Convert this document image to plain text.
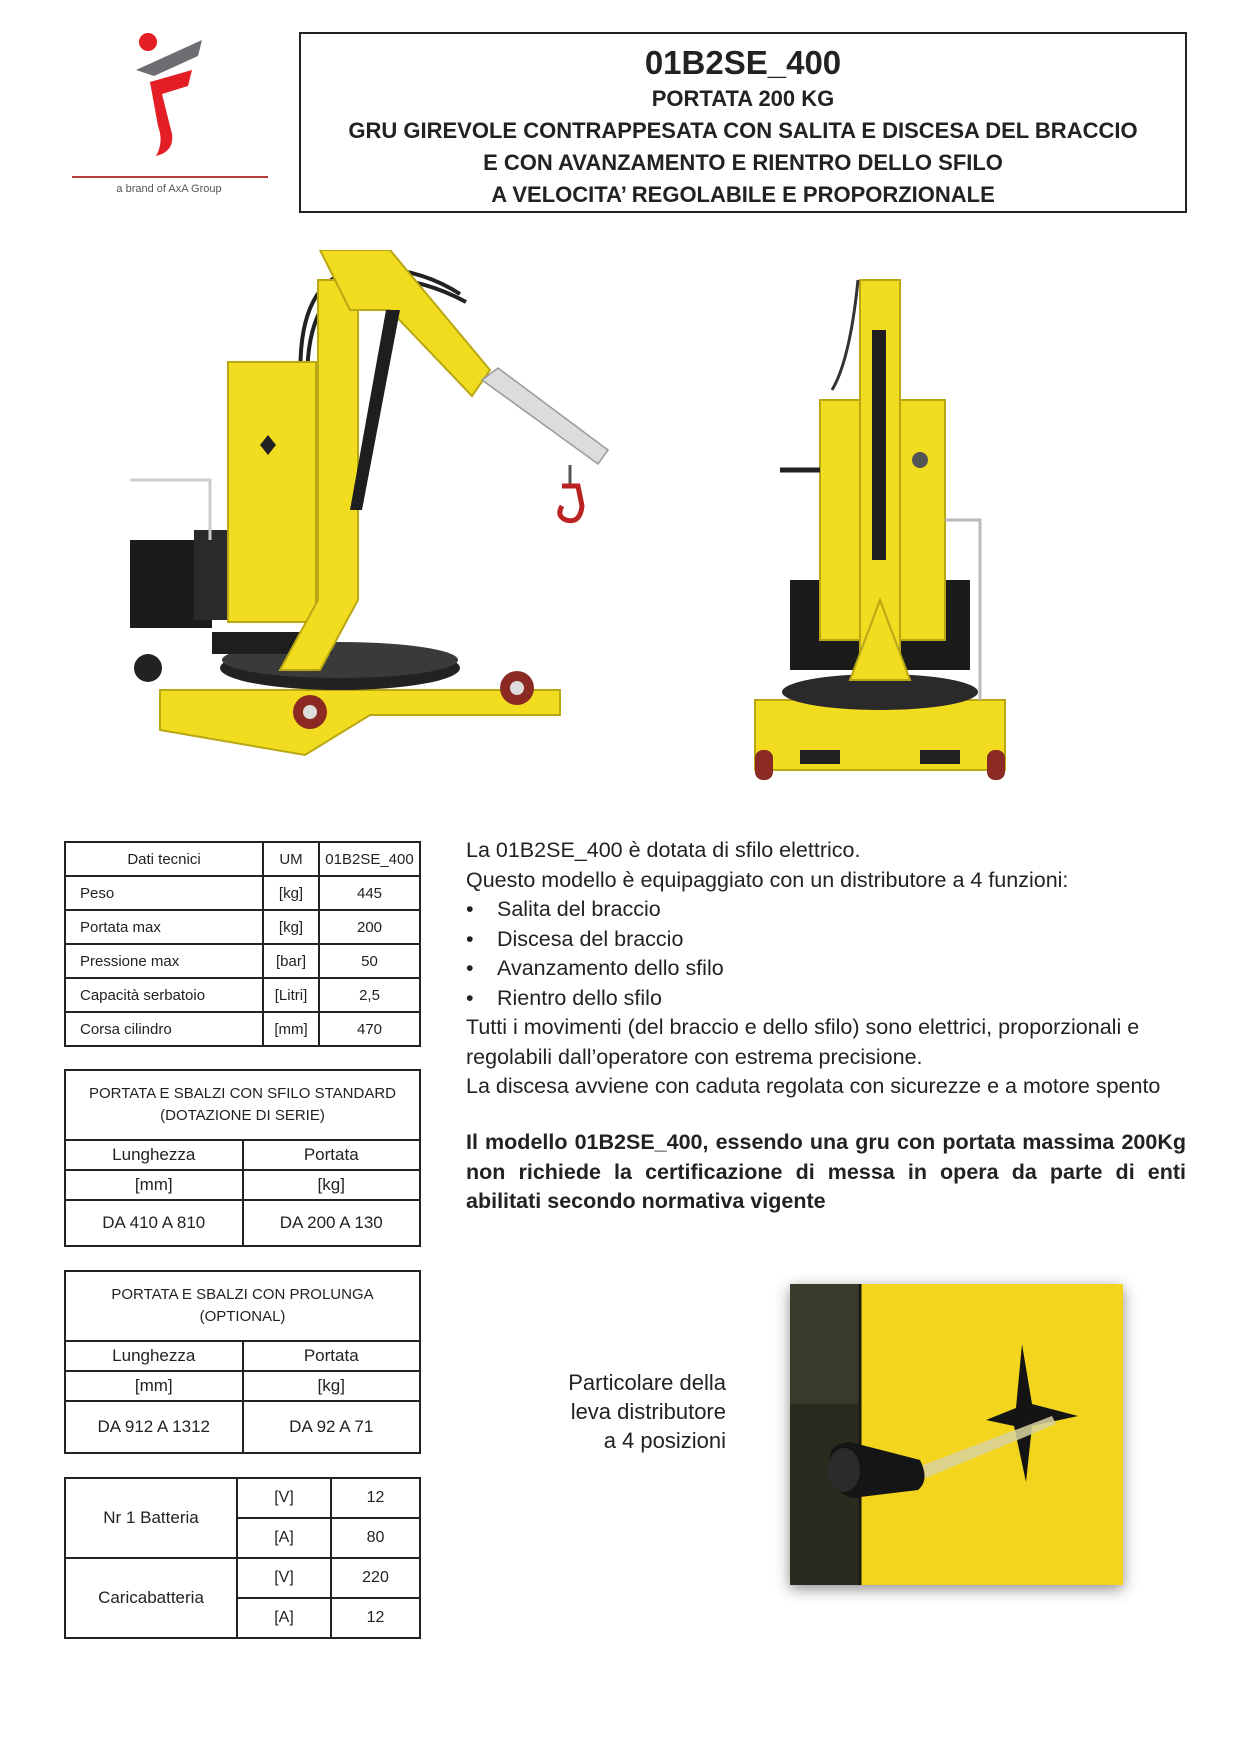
a brand of AxA Group
01B2SE_400
PORTATA 200 KG
GRU GIREVOLE CONTRAPPESATA CON SALITA E DISCESA DEL BRACCIO
E CON AVANZAMENTO E RIENTRO DELLO SFILO
A VELOCITA’ REGOLABILE E PROPORZIONALE
Dati tecnici	UM	01B2SE_400
Peso	[kg]	445
Portata max	[kg]	200
Pressione max	[bar]	50
Capacità serbatoio	[Litri]	2,5
Corsa cilindro	[mm]	470
PORTATA E SBALZI CON SFILO STANDARD
(DOTAZIONE DI SERIE)	
Lunghezza	Portata
[mm]	[kg]
DA 410 A 810	DA 200 A 130
PORTATA E SBALZI CON PROLUNGA
(OPTIONAL)	
Lunghezza	Portata
[mm]	[kg]
DA 912 A 1312	DA 92 A 71
Nr 1 Batteria	[V]	12
	[A]	80
Caricabatteria	[V]	220
	[A]	12

La 01B2SE_400 è dotata di sfilo elettrico.

Questo modello è equipaggiato con un distributore a 4 funzioni:

• Salita del braccio
• Discesa del braccio
• Avanzamento dello sfilo
• Rientro dello sfilo

Tutti i movimenti (del braccio e dello sfilo) sono elettrici, proporzionali e regolabili dall’operatore con estrema precisione.

La discesa avviene con caduta regolata con sicurezze e a motore spento

Il modello 01B2SE_400, essendo una gru con portata massima 200Kg non richiede la certificazione di messa in opera da parte di enti abilitati secondo normativa vigente
Particolare della
leva distributore
a 4 posizioni
